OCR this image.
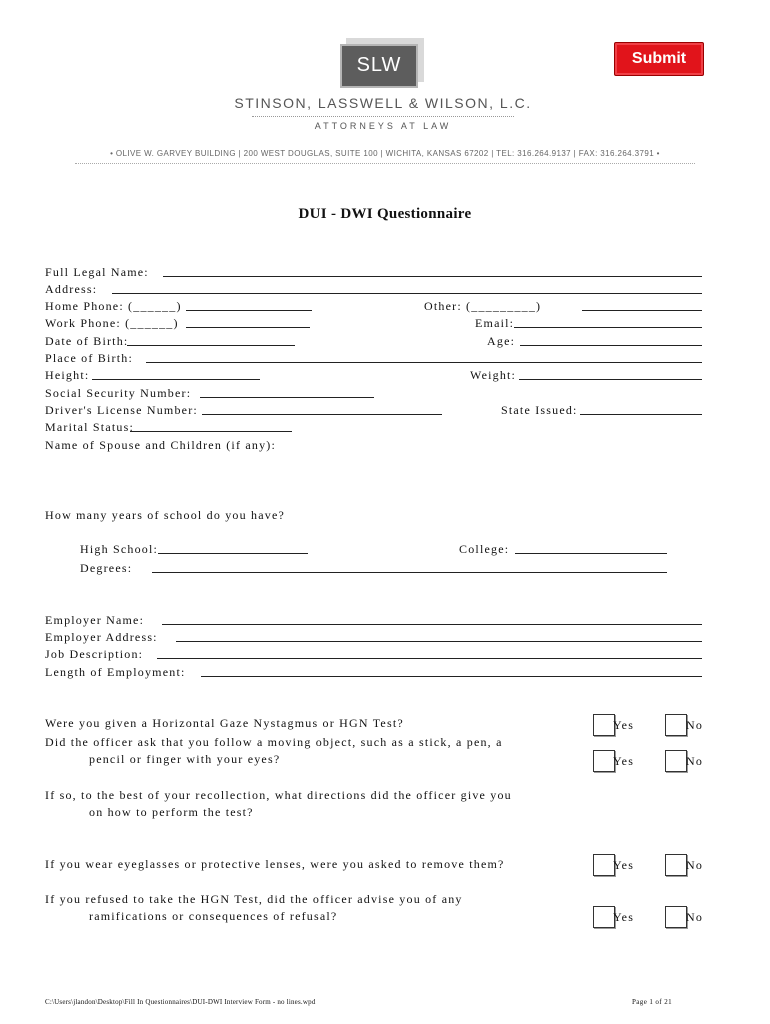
Submit
SLW
STINSON, LASSWELL & WILSON, L.C.
ATTORNEYS AT LAW
• OLIVE W. GARVEY BUILDING | 200 WEST DOUGLAS, SUITE 100 | WICHITA, KANSAS 67202 | TEL: 316.264.9137 | FAX: 316.264.3791 •
DUI - DWI Questionnaire
Full Legal Name:
Address:
Home Phone: (______)	Other: (_________)
Work Phone: (______)	Email:
Date of Birth:	Age:
Place of Birth:
Height:	Weight:
Social Security Number:
Driver's License Number:	State Issued:
Marital Status:
Name of Spouse and Children (if any):
How many years of school do you have?
High School:	College:
Degrees:
Employer Name:
Employer Address:
Job Description:
Length of Employment:
Were you given a Horizontal Gaze Nystagmus or HGN Test?	Yes	No
Did the officer ask that you follow a moving object, such as a stick, a pen, a
pencil or finger with your eyes?	Yes	No
If so, to the best of your recollection, what directions did the officer give you
on how to perform the test?
If you wear eyeglasses or protective lenses, were you asked to remove them?	Yes	No
If you refused to take the HGN Test, did the officer advise you of any
ramifications or consequences of refusal?	Yes	No
C:\Users\jlandon\Desktop\Fill In Questionnaires\DUI-DWI Interview Form - no lines.wpd	Page 1 of 21
